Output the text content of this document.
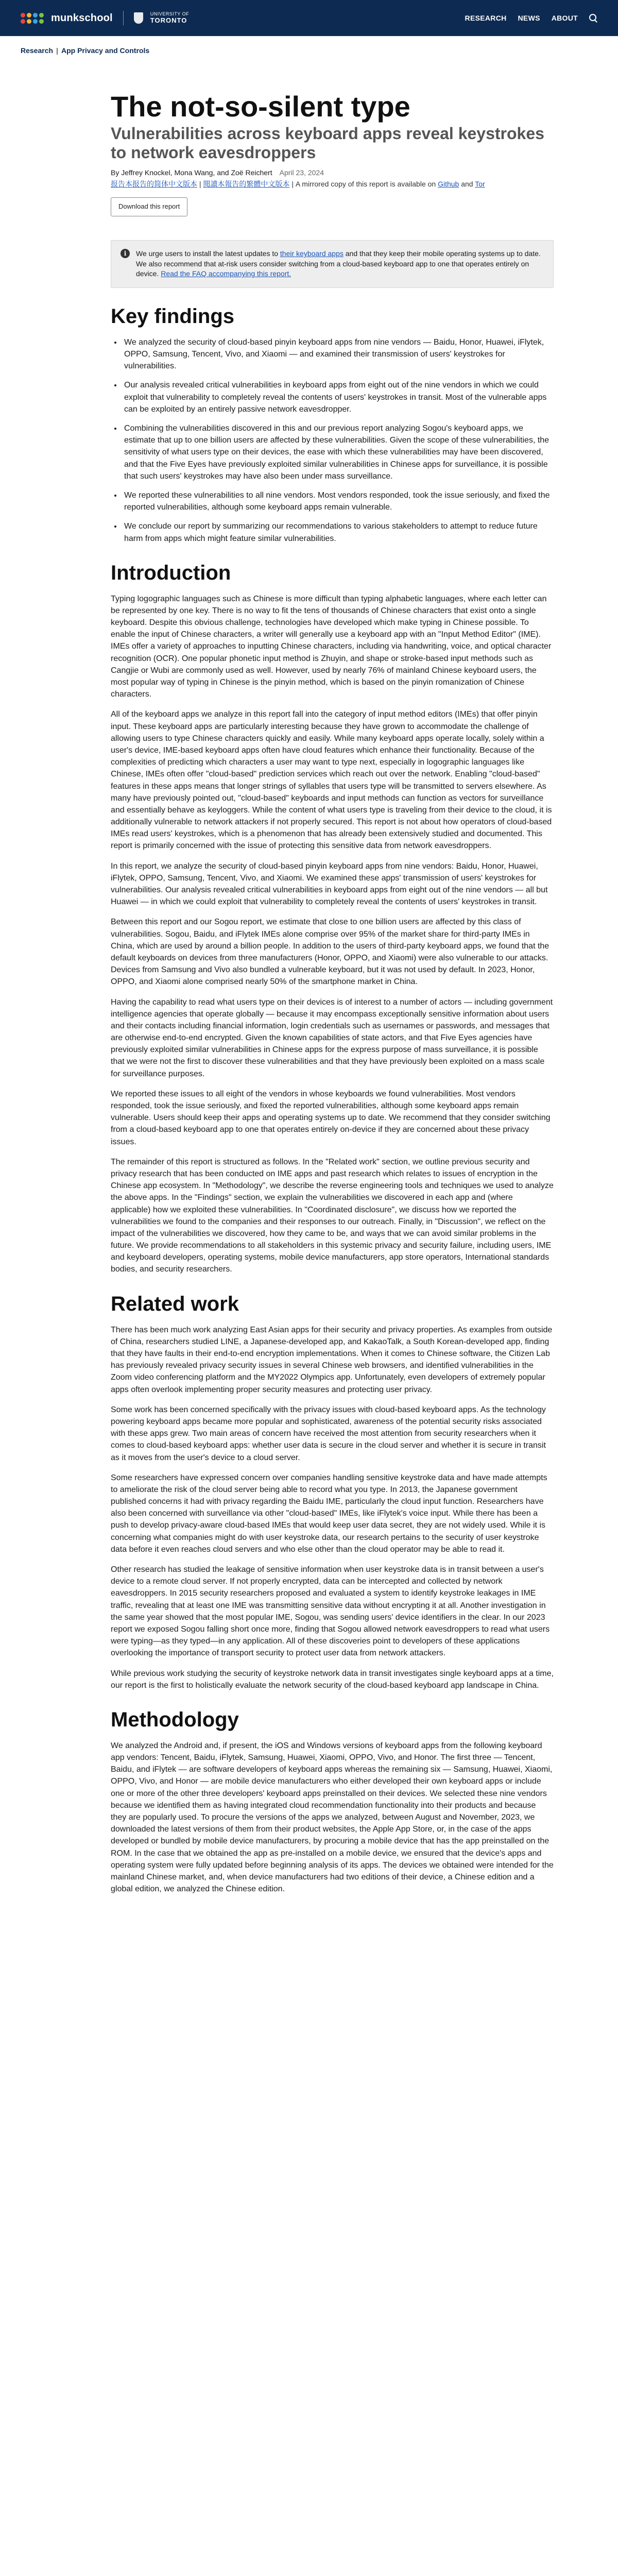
munkschool	UNIVERSITY OF
TORONTO	RESEARCH NEWS ABOUT
Research | App Privacy and Controls
The not-so-silent type
Vulnerabilities across keyboard apps reveal keystrokes to network eavesdroppers
By Jeffrey Knockel, Mona Wang, and Zoë Reichert April 23, 2024
报告本报告的简体中文版本 | 閱讀本報告的繁體中文版本 | A mirrored copy of this report is available on Github and Tor
Download this report
i	We urge users to install the latest updates to their keyboard apps and that they keep their mobile operating systems up to date. We also recommend that at-risk users consider switching from a cloud-based keyboard app to one that operates entirely on device. Read the FAQ accompanying this report.
Key findings
• We analyzed the security of cloud-based pinyin keyboard apps from nine vendors — Baidu, Honor, Huawei, iFlytek, OPPO, Samsung, Tencent, Vivo, and Xiaomi — and examined their transmission of users' keystrokes for vulnerabilities.
• Our analysis revealed critical vulnerabilities in keyboard apps from eight out of the nine vendors in which we could exploit that vulnerability to completely reveal the contents of users' keystrokes in transit. Most of the vulnerable apps can be exploited by an entirely passive network eavesdropper.
• Combining the vulnerabilities discovered in this and our previous report analyzing Sogou's keyboard apps, we estimate that up to one billion users are affected by these vulnerabilities. Given the scope of these vulnerabilities, the sensitivity of what users type on their devices, the ease with which these vulnerabilities may have been discovered, and that the Five Eyes have previously exploited similar vulnerabilities in Chinese apps for surveillance, it is possible that such users' keystrokes may have also been under mass surveillance.
• We reported these vulnerabilities to all nine vendors. Most vendors responded, took the issue seriously, and fixed the reported vulnerabilities, although some keyboard apps remain vulnerable.
• We conclude our report by summarizing our recommendations to various stakeholders to attempt to reduce future harm from apps which might feature similar vulnerabilities.
Introduction

Typing logographic languages such as Chinese is more difficult than typing alphabetic languages, where each letter can be represented by one key. There is no way to fit the tens of thousands of Chinese characters that exist onto a single keyboard. Despite this obvious challenge, technologies have developed which make typing in Chinese possible. To enable the input of Chinese characters, a writer will generally use a keyboard app with an "Input Method Editor" (IME). IMEs offer a variety of approaches to inputting Chinese characters, including via handwriting, voice, and optical character recognition (OCR). One popular phonetic input method is Zhuyin, and shape or stroke-based input methods such as Cangjie or Wubi are commonly used as well. However, used by nearly 76% of mainland Chinese keyboard users, the most popular way of typing in Chinese is the pinyin method, which is based on the pinyin romanization of Chinese characters.

All of the keyboard apps we analyze in this report fall into the category of input method editors (IMEs) that offer pinyin input. These keyboard apps are particularly interesting because they have grown to accommodate the challenge of allowing users to type Chinese characters quickly and easily. While many keyboard apps operate locally, solely within a user's device, IME-based keyboard apps often have cloud features which enhance their functionality. Because of the complexities of predicting which characters a user may want to type next, especially in logographic languages like Chinese, IMEs often offer "cloud-based" prediction services which reach out over the network. Enabling "cloud-based" features in these apps means that longer strings of syllables that users type will be transmitted to servers elsewhere. As many have previously pointed out, "cloud-based" keyboards and input methods can function as vectors for surveillance and essentially behave as keyloggers. While the content of what users type is traveling from their device to the cloud, it is additionally vulnerable to network attackers if not properly secured. This report is not about how operators of cloud-based IMEs read users' keystrokes, which is a phenomenon that has already been extensively studied and documented. This report is primarily concerned with the issue of protecting this sensitive data from network eavesdroppers.

In this report, we analyze the security of cloud-based pinyin keyboard apps from nine vendors: Baidu, Honor, Huawei, iFlytek, OPPO, Samsung, Tencent, Vivo, and Xiaomi. We examined these apps' transmission of users' keystrokes for vulnerabilities. Our analysis revealed critical vulnerabilities in keyboard apps from eight out of the nine vendors — all but Huawei — in which we could exploit that vulnerability to completely reveal the contents of users' keystrokes in transit.

Between this report and our Sogou report, we estimate that close to one billion users are affected by this class of vulnerabilities. Sogou, Baidu, and iFlytek IMEs alone comprise over 95% of the market share for third-party IMEs in China, which are used by around a billion people. In addition to the users of third-party keyboard apps, we found that the default keyboards on devices from three manufacturers (Honor, OPPO, and Xiaomi) were also vulnerable to our attacks. Devices from Samsung and Vivo also bundled a vulnerable keyboard, but it was not used by default. In 2023, Honor, OPPO, and Xiaomi alone comprised nearly 50% of the smartphone market in China.

Having the capability to read what users type on their devices is of interest to a number of actors — including government intelligence agencies that operate globally — because it may encompass exceptionally sensitive information about users and their contacts including financial information, login credentials such as usernames or passwords, and messages that are otherwise end-to-end encrypted. Given the known capabilities of state actors, and that Five Eyes agencies have previously exploited similar vulnerabilities in Chinese apps for the express purpose of mass surveillance, it is possible that we were not the first to discover these vulnerabilities and that they have previously been exploited on a mass scale for surveillance purposes.

We reported these issues to all eight of the vendors in whose keyboards we found vulnerabilities. Most vendors responded, took the issue seriously, and fixed the reported vulnerabilities, although some keyboard apps remain vulnerable. Users should keep their apps and operating systems up to date. We recommend that they consider switching from a cloud-based keyboard app to one that operates entirely on-device if they are concerned about these privacy issues.

The remainder of this report is structured as follows. In the "Related work" section, we outline previous security and privacy research that has been conducted on IME apps and past research which relates to issues of encryption in the Chinese app ecosystem. In "Methodology", we describe the reverse engineering tools and techniques we used to analyze the above apps. In the "Findings" section, we explain the vulnerabilities we discovered in each app and (where applicable) how we exploited these vulnerabilities. In "Coordinated disclosure", we discuss how we reported the vulnerabilities we found to the companies and their responses to our outreach. Finally, in "Discussion", we reflect on the impact of the vulnerabilities we discovered, how they came to be, and ways that we can avoid similar problems in the future. We provide recommendations to all stakeholders in this systemic privacy and security failure, including users, IME and keyboard developers, operating systems, mobile device manufacturers, app store operators, International standards bodies, and security researchers.

Related work

There has been much work analyzing East Asian apps for their security and privacy properties. As examples from outside of China, researchers studied LINE, a Japanese-developed app, and KakaoTalk, a South Korean-developed app, finding that they have faults in their end-to-end encryption implementations. When it comes to Chinese software, the Citizen Lab has previously revealed privacy security issues in several Chinese web browsers, and identified vulnerabilities in the Zoom video conferencing platform and the MY2022 Olympics app. Unfortunately, even developers of extremely popular apps often overlook implementing proper security measures and protecting user privacy.

Some work has been concerned specifically with the privacy issues with cloud-based keyboard apps. As the technology powering keyboard apps became more popular and sophisticated, awareness of the potential security risks associated with these apps grew. Two main areas of concern have received the most attention from security researchers when it comes to cloud-based keyboard apps: whether user data is secure in the cloud server and whether it is secure in transit as it moves from the user's device to a cloud server.

Some researchers have expressed concern over companies handling sensitive keystroke data and have made attempts to ameliorate the risk of the cloud server being able to record what you type. In 2013, the Japanese government published concerns it had with privacy regarding the Baidu IME, particularly the cloud input function. Researchers have also been concerned with surveillance via other "cloud-based" IMEs, like iFlytek's voice input. While there has been a push to develop privacy-aware cloud-based IMEs that would keep user data secret, they are not widely used. While it is concerning what companies might do with user keystroke data, our research pertains to the security of user keystroke data before it even reaches cloud servers and who else other than the cloud operator may be able to read it.

Other research has studied the leakage of sensitive information when user keystroke data is in transit between a user's device to a remote cloud server. If not properly encrypted, data can be intercepted and collected by network eavesdroppers. In 2015 security researchers proposed and evaluated a system to identify keystroke leakages in IME traffic, revealing that at least one IME was transmitting sensitive data without encrypting it at all. Another investigation in the same year showed that the most popular IME, Sogou, was sending users' device identifiers in the clear. In our 2023 report we exposed Sogou falling short once more, finding that Sogou allowed network eavesdroppers to read what users were typing—as they typed—in any application. All of these discoveries point to developers of these applications overlooking the importance of transport security to protect user data from network attackers.

While previous work studying the security of keystroke network data in transit investigates single keyboard apps at a time, our report is the first to holistically evaluate the network security of the cloud-based keyboard app landscape in China.

Methodology

We analyzed the Android and, if present, the iOS and Windows versions of keyboard apps from the following keyboard app vendors: Tencent, Baidu, iFlytek, Samsung, Huawei, Xiaomi, OPPO, Vivo, and Honor. The first three — Tencent, Baidu, and iFlytek — are software developers of keyboard apps whereas the remaining six — Samsung, Huawei, Xiaomi, OPPO, Vivo, and Honor — are mobile device manufacturers who either developed their own keyboard apps or include one or more of the other three developers' keyboard apps preinstalled on their devices. We selected these nine vendors because we identified them as having integrated cloud recommendation functionality into their products and because they are popularly used. To procure the versions of the apps we analyzed, between August and November, 2023, we downloaded the latest versions of them from their product websites, the Apple App Store, or, in the case of the apps developed or bundled by mobile device manufacturers, by procuring a mobile device that has the app preinstalled on the ROM. In the case that we obtained the app as pre-installed on a mobile device, we ensured that the device's apps and operating system were fully updated before beginning analysis of its apps. The devices we obtained were intended for the mainland Chinese market, and, when device manufacturers had two editions of their device, a Chinese edition and a global edition, we analyzed the Chinese edition.
